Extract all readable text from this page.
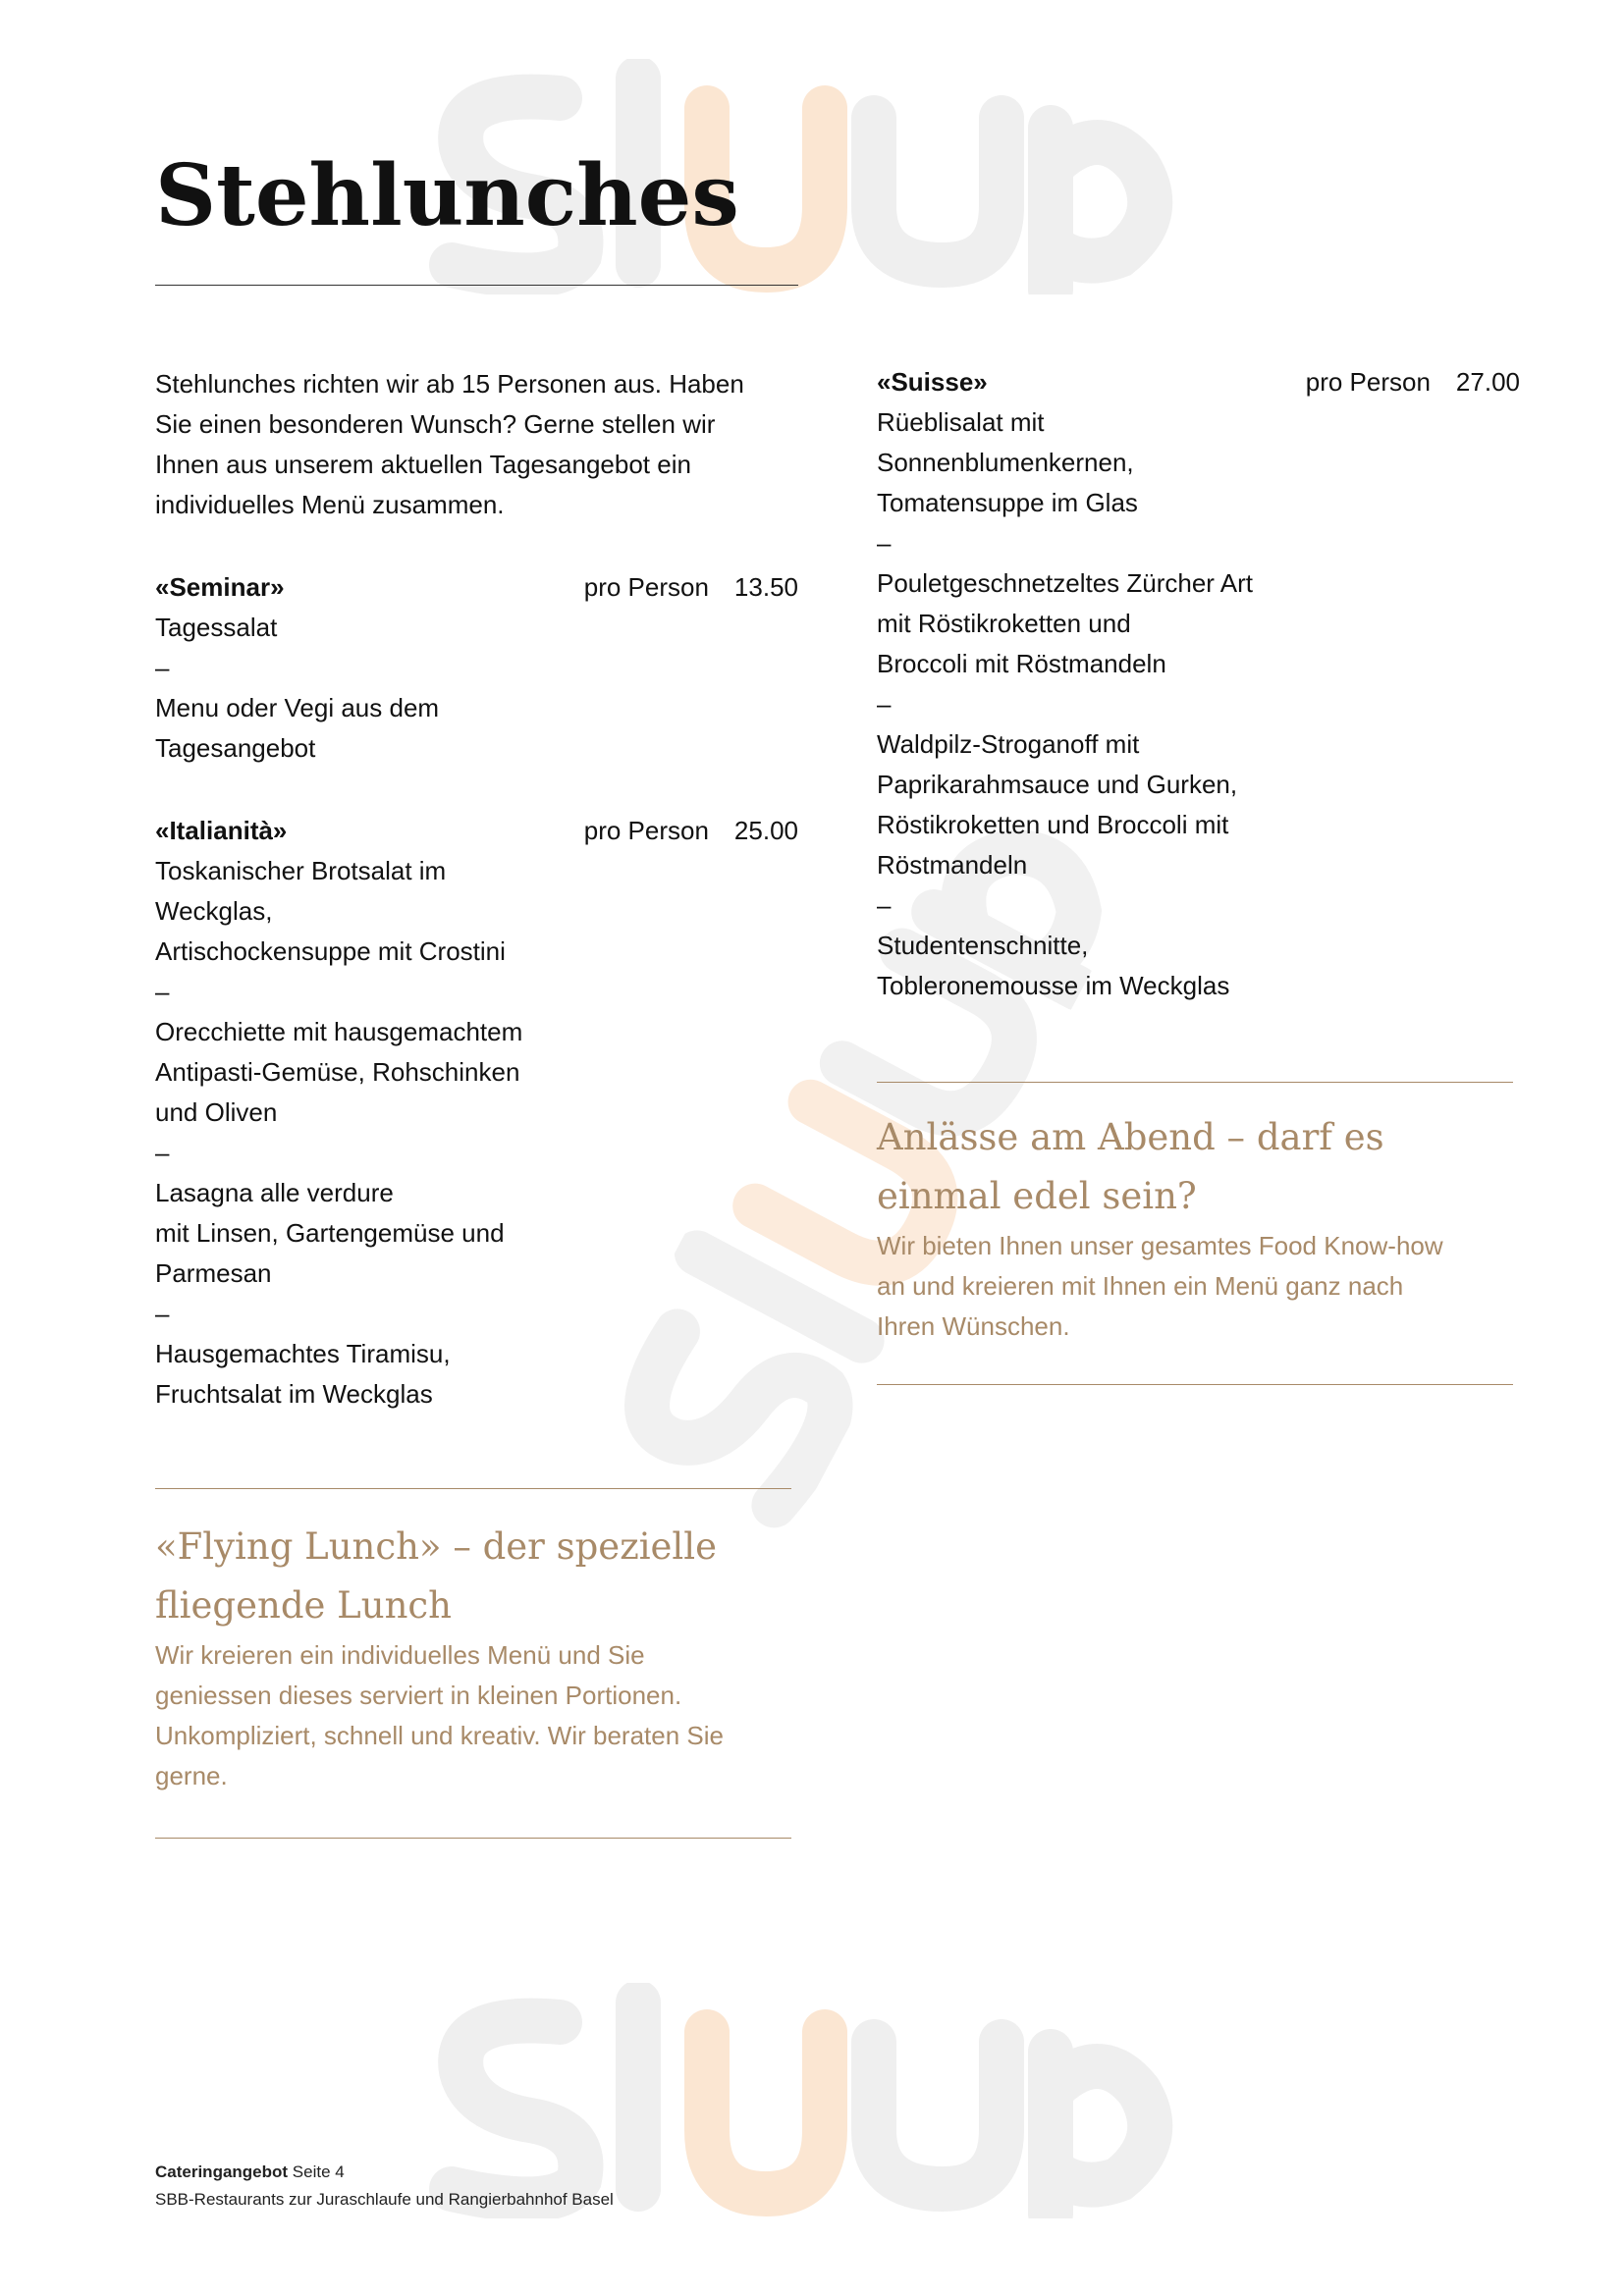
Stehlunches
Stehlunches richten wir ab 15 Personen aus. Haben
Sie einen besonderen Wunsch? Gerne stellen wir
Ihnen aus unserem aktuellen Tagesangebot ein
individuelles Menü zusammen.
«Seminar»	pro Person 13.50
Tagessalat
–
Menu oder Vegi aus dem
Tagesangebot
«Italianità»	pro Person 25.00
Toskanischer Brotsalat im
Weckglas,
Artischockensuppe mit Crostini
–
Orecchiette mit hausgemachtem
Antipasti-Gemüse, Rohschinken
und Oliven
–
Lasagna alle verdure
mit Linsen, Gartengemüse und
Parmesan
–
Hausgemachtes Tiramisu,
Fruchtsalat im Weckglas
«Suisse»	pro Person 27.00
Rüeblisalat mit
Sonnenblumenkernen,
Tomatensuppe im Glas
–
Pouletgeschnetzeltes Zürcher Art
mit Röstikroketten und
Broccoli mit Röstmandeln
–
Waldpilz-Stroganoff mit
Paprikarahmsauce und Gurken,
Röstikroketten und Broccoli mit
Röstmandeln
–
Studentenschnitte,
Tobleronemousse im Weckglas
«Flying Lunch» – der spezielle
fliegende Lunch
Wir kreieren ein individuelles Menü und Sie
geniessen dieses serviert in kleinen Portionen.
Unkompliziert, schnell und kreativ. Wir beraten Sie
gerne.
Anlässe am Abend – darf es
einmal edel sein?
Wir bieten Ihnen unser gesamtes Food Know-how
an und kreieren mit Ihnen ein Menü ganz nach
Ihren Wünschen.
Cateringangebot Seite 4
SBB-Restaurants zur Juraschlaufe und Rangierbahnhof Basel
